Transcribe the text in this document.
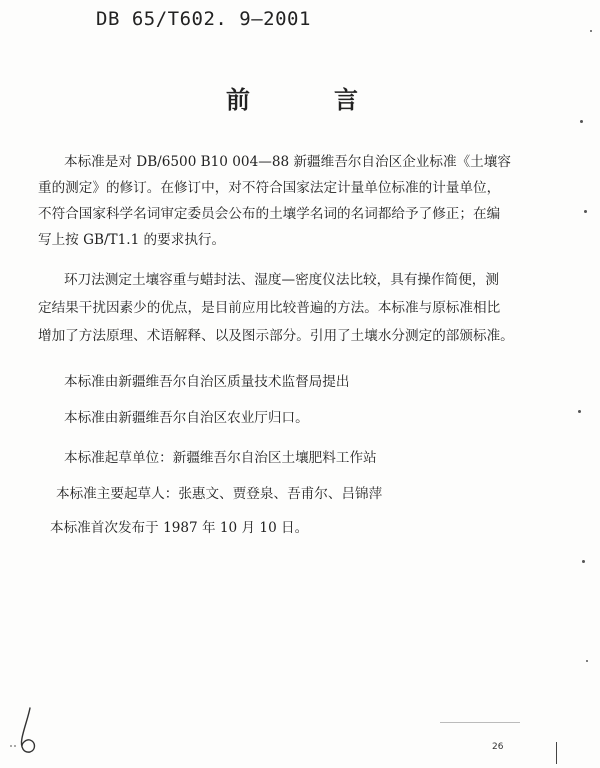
DB 65/T602. 9—2001
前	言
本标准是对 DB/6500 B10 004—88 新疆维吾尔自治区企业标准《土壤容
重的测定》的修订。在修订中，对不符合国家法定计量单位标准的计量单位，
不符合国家科学名词审定委员会公布的土壤学名词的名词都给予了修正；在编
写上按 GB/T1.1 的要求执行。
环刀法测定土壤容重与蜡封法、湿度—密度仪法比较，具有操作简便，测
定结果干扰因素少的优点，是目前应用比较普遍的方法。本标准与原标准相比
增加了方法原理、术语解释、以及图示部分。引用了土壤水分测定的部颁标准。
本标准由新疆维吾尔自治区质量技术监督局提出
本标准由新疆维吾尔自治区农业厅归口。
本标准起草单位：新疆维吾尔自治区土壤肥料工作站
本标准主要起草人：张惠文、贾登泉、吾甫尔、吕锦萍
本标准首次发布于 1987 年 10 月 10 日。
26
